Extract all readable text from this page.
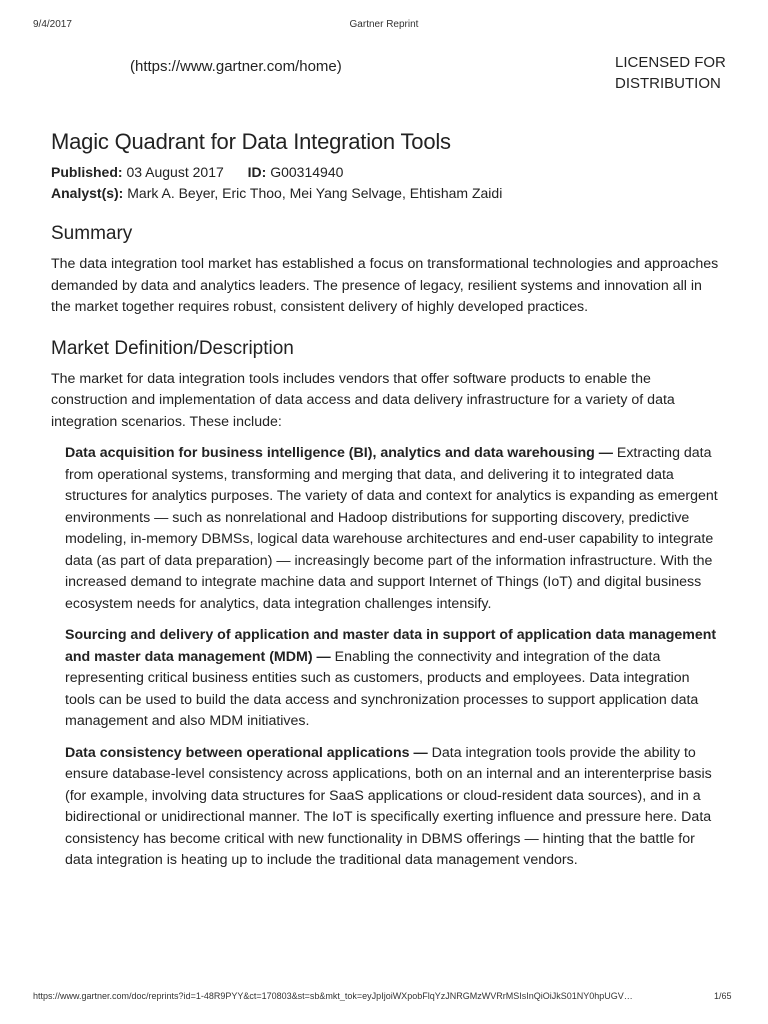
9/4/2017	Gartner Reprint
(https://www.gartner.com/home)	LICENSED FOR
DISTRIBUTION
Magic Quadrant for Data Integration Tools
Published: 03 August 2017 ID: G00314940
Analyst(s): Mark A. Beyer, Eric Thoo, Mei Yang Selvage, Ehtisham Zaidi
Summary

The data integration tool market has established a focus on transformational technologies and approaches demanded by data and analytics leaders. The presence of legacy, resilient systems and innovation all in the market together requires robust, consistent delivery of highly developed practices.

Market Definition/Description

The market for data integration tools includes vendors that offer software products to enable the construction and implementation of data access and data delivery infrastructure for a variety of data integration scenarios. These include:

Data acquisition for business intelligence (BI), analytics and data warehousing — Extracting data from operational systems, transforming and merging that data, and delivering it to integrated data structures for analytics purposes. The variety of data and context for analytics is expanding as emergent environments — such as nonrelational and Hadoop distributions for supporting discovery, predictive modeling, in-memory DBMSs, logical data warehouse architectures and end-user capability to integrate data (as part of data preparation) — increasingly become part of the information infrastructure. With the increased demand to integrate machine data and support Internet of Things (IoT) and digital business ecosystem needs for analytics, data integration challenges intensify.

Sourcing and delivery of application and master data in support of application data management and master data management (MDM) — Enabling the connectivity and integration of the data representing critical business entities such as customers, products and employees. Data integration tools can be used to build the data access and synchronization processes to support application data management and also MDM initiatives.

Data consistency between operational applications — Data integration tools provide the ability to ensure database-level consistency across applications, both on an internal and an interenterprise basis (for example, involving data structures for SaaS applications or cloud-resident data sources), and in a bidirectional or unidirectional manner. The IoT is specifically exerting influence and pressure here. Data consistency has become critical with new functionality in DBMS offerings — hinting that the battle for data integration is heating up to include the traditional data management vendors.

https://www.gartner.com/doc/reprints?id=1-48R9PYY&ct=170803&st=sb&mkt_tok=eyJpIjoiWXpobFlqYzJNRGMzWVRrMSIsInQiOiJkS01NY0hpUGV…	1/65
